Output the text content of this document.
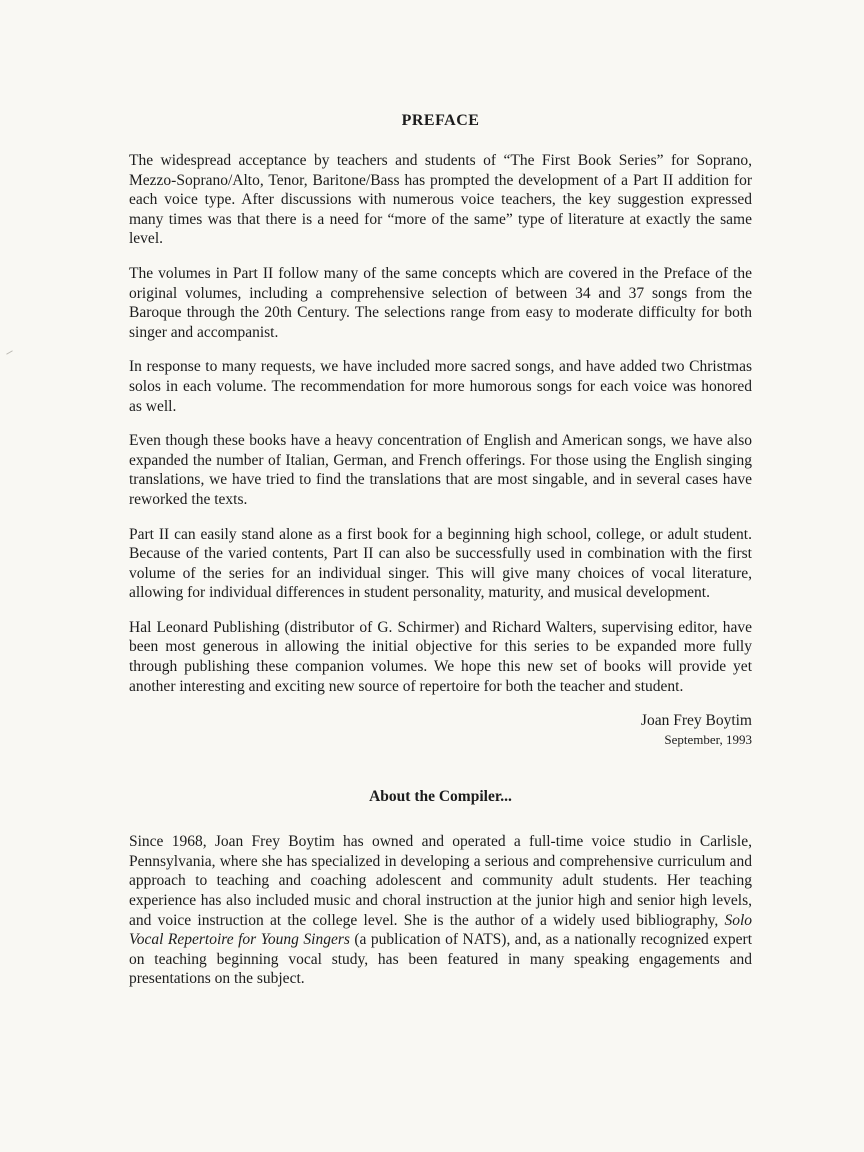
PREFACE

The widespread acceptance by teachers and students of “The First Book Series” for Soprano, Mezzo-Soprano/Alto, Tenor, Baritone/Bass has prompted the development of a Part II addition for each voice type. After discussions with numerous voice teachers, the key suggestion expressed many times was that there is a need for “more of the same” type of literature at exactly the same level.

The volumes in Part II follow many of the same concepts which are covered in the Preface of the original volumes, including a comprehensive selection of between 34 and 37 songs from the Baroque through the 20th Century. The selections range from easy to moderate difficulty for both singer and accompanist.

In response to many requests, we have included more sacred songs, and have added two Christmas solos in each volume. The recommendation for more humorous songs for each voice was honored as well.

Even though these books have a heavy concentration of English and American songs, we have also expanded the number of Italian, German, and French offerings. For those using the English singing translations, we have tried to find the translations that are most singable, and in several cases have reworked the texts.

Part II can easily stand alone as a first book for a beginning high school, college, or adult student. Because of the varied contents, Part II can also be successfully used in combination with the first volume of the series for an individual singer. This will give many choices of vocal literature, allowing for individual differences in student personality, maturity, and musical development.

Hal Leonard Publishing (distributor of G. Schirmer) and Richard Walters, supervising editor, have been most generous in allowing the initial objective for this series to be expanded more fully through publishing these companion volumes. We hope this new set of books will provide yet another interesting and exciting new source of repertoire for both the teacher and student.

Joan Frey Boytim
September, 1993
About the Compiler...

Since 1968, Joan Frey Boytim has owned and operated a full-time voice studio in Carlisle, Pennsylvania, where she has specialized in developing a serious and comprehensive curriculum and approach to teaching and coaching adolescent and community adult students. Her teaching experience has also included music and choral instruction at the junior high and senior high levels, and voice instruction at the college level. She is the author of a widely used bibliography, Solo Vocal Repertoire for Young Singers (a publication of NATS), and, as a nationally recognized expert on teaching beginning vocal study, has been featured in many speaking engagements and presentations on the subject.
